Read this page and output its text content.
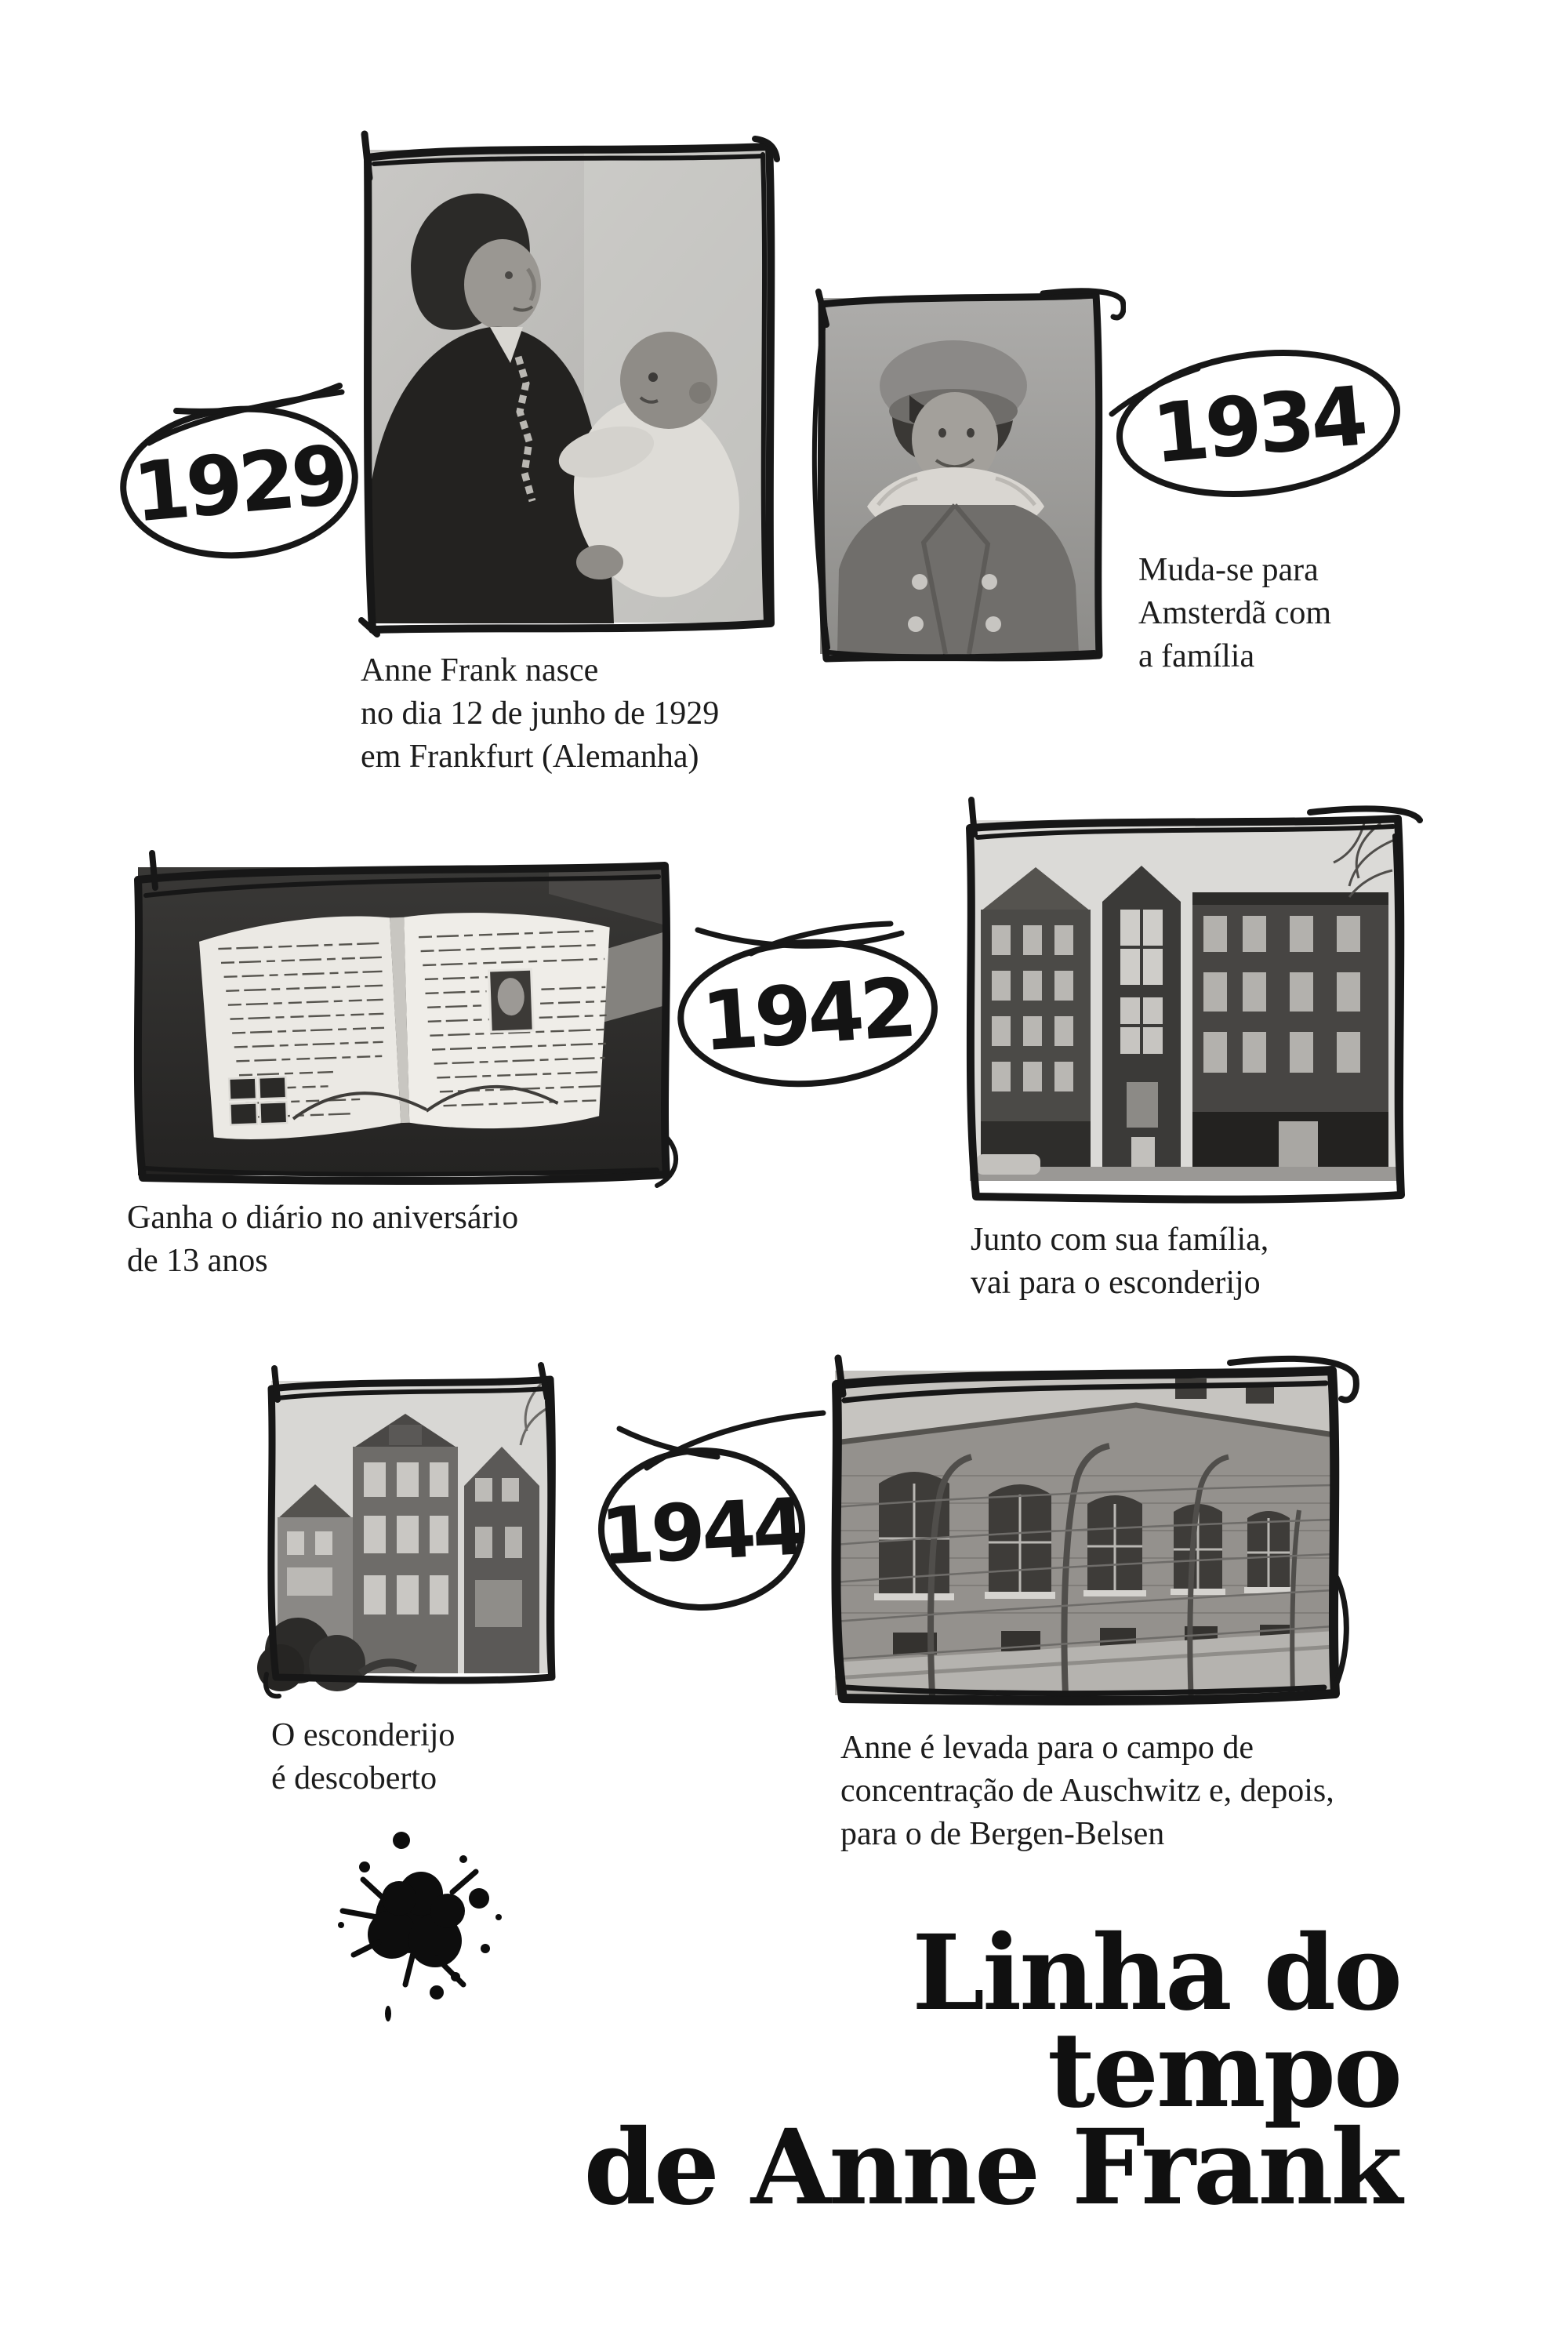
1929
Anne Frank nasce
no dia 12 de junho de 1929
em Frankfurt (Alemanha)
1934
Muda-se para
Amsterdã com
a família
1942
Ganha o diário no aniversário
de 13 anos
Junto com sua família,
vai para o esconderijo
1944
O esconderijo
é descoberto
Anne é levada para o campo de
concentração de Auschwitz e, depois,
para o de Bergen-Belsen
Linha do tempo
de Anne Frank
